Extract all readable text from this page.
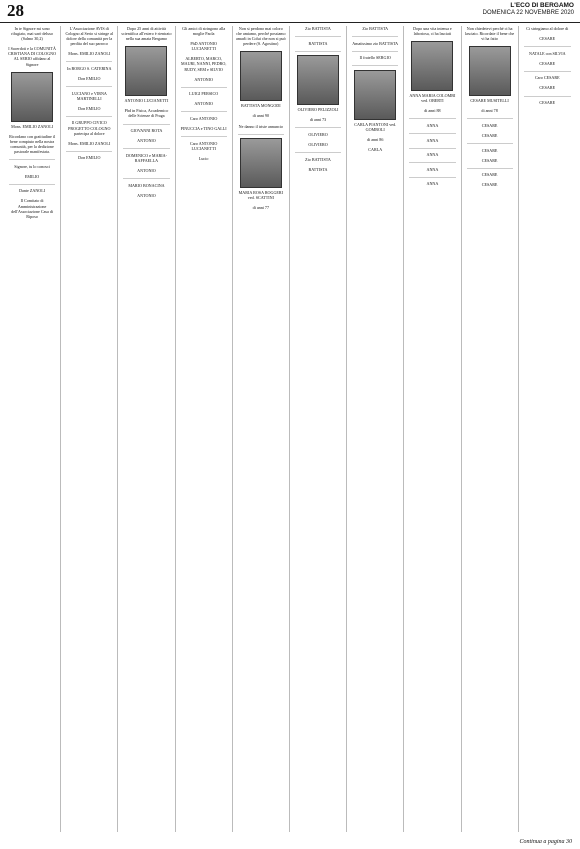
28	L'ECO DI BERGAMO
DOMENICA 22 NOVEMBRE 2020
In te Signore mi sono rifugiato, mai sarò deluso (Salmo 30,2)
I Sacerdoti e la COMUNITÀ CRISTIANA DI COLOGNO AL SERIO affidano al Signore
Mons. EMILIO ZANOLI
Ricordano con gratitudine il bene compiuto nella nostra comunità, per la dedizione pastorale manifestata.
Signore, tu lo conosci
EMILIO
Dante ZANOLI
Il Comitato di Amministrazione dell'Associazione Casa di Riposo
L'Associazione AVIS di Cologno al Serio si stringe al dolore della comunità per la perdita del suo parroco
Mons. EMILIO ZANOLI
In BORGO S. CATERINA
Don EMILIO
LUCIANO e VIRNA MARTINELLI
Don EMILIO
Il GRUPPO CIVICO PROGETTO COLOGNO partecipa al dolore
Mons. EMILIO ZANOLI
Don EMILIO
Dopo 25 anni di attività scientifica all'estero è rientrato nella sua amata Bergamo
ANTONIO LUCIANETTI
Phd in Fisica, Accademico delle Scienze di Praga
GIOVANNI ROTA
ANTONIO
DOMENICO e MARIA-RAFFAELLA
ANTONIO
MARIO BONACINA
ANTONIO
Gli amici di stringono alla moglie Paola
PhD ANTONIO LUCIANETTI
ALBERTO, MARCO, MAURI, NANNI, PEDRO, RUDY, SEM e SILVIO
ANTONIO
LUIGI PERSICO
ANTONIO
Caro ANTONIO
PINUCCIA e TINO GALLI
Caro ANTONIO LUCIANETTI
Lucio
Non si perdono mai coloro che amiamo, perché possiamo amarli in Colui che non si può perdere (S. Agostino)
BATTISTA MONGODI
di anni 90
Ne danno il triste annuncio
MARIA ROSA ROGGERI ved. SCATTINI
di anni 77
Zio BATTISTA
BATTISTA
OLIVIERO PELIZZOLI
di anni 73
OLIVIERO
OLIVIERO
Zio BATTISTA
BATTISTA
Zio BATTISTA
Amatissimo zio BATTISTA
Il fratello SERGIO
CARLA PIANTONI ved. GOMBOLI
di anni 86
CARLA
Dopo una vita intensa e laboriosa, ci ha lasciati
ANNA MARIA COLOMBI ved. OBERTI
di anni 88
ANNA
ANNA
ANNA
ANNA
ANNA
Non chiedetevi perché ci ha lasciato. Ricordate il bene che vi ha fatto
CESARE MUSITELLI
di anni 78
CESARE
CESARE
CESARE
CESARE
CESARE
CESARE
Ci stringiamo al dolore di
CESARE
NATALE con SILVIA
CESARE
Caro CESARE
CESARE
CESARE
Continua a pagina 30
